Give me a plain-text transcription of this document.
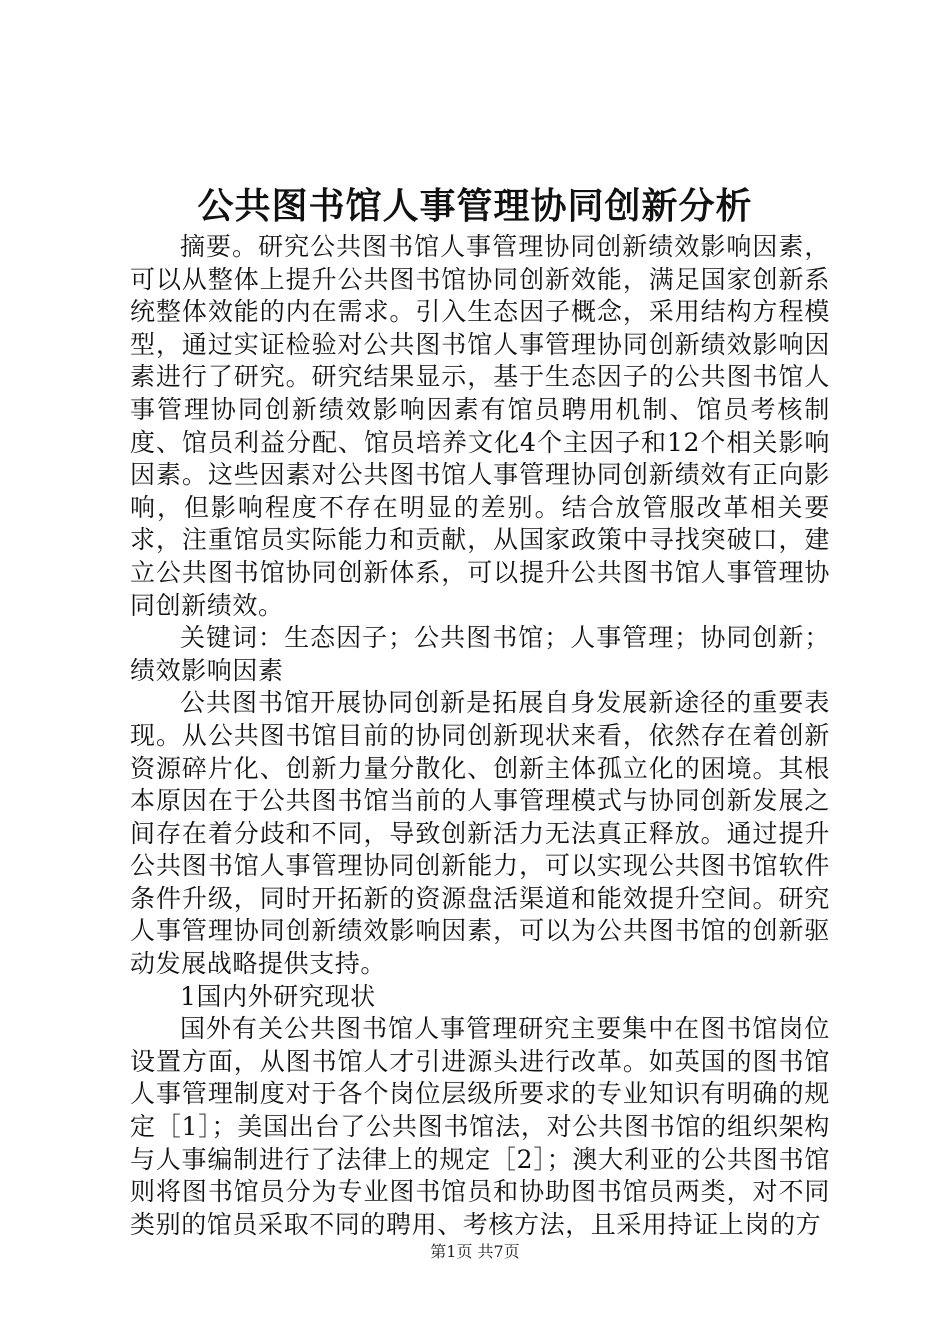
公共图书馆人事管理协同创新分析

摘要。研究公共图书馆人事管理协同创新绩效影响因素，可以从整体上提升公共图书馆协同创新效能，满足国家创新系统整体效能的内在需求。引入生态因子概念，采用结构方程模型，通过实证检验对公共图书馆人事管理协同创新绩效影响因素进行了研究。研究结果显示，基于生态因子的公共图书馆人事管理协同创新绩效影响因素有馆员聘用机制、馆员考核制度、馆员利益分配、馆员培养文化4个主因子和12个相关影响因素。这些因素对公共图书馆人事管理协同创新绩效有正向影响，但影响程度不存在明显的差别。结合放管服改革相关要求，注重馆员实际能力和贡献，从国家政策中寻找突破口，建立公共图书馆协同创新体系，可以提升公共图书馆人事管理协同创新绩效。

关键词：生态因子；公共图书馆；人事管理；协同创新；绩效影响因素

公共图书馆开展协同创新是拓展自身发展新途径的重要表现。从公共图书馆目前的协同创新现状来看，依然存在着创新资源碎片化、创新力量分散化、创新主体孤立化的困境。其根本原因在于公共图书馆当前的人事管理模式与协同创新发展之间存在着分歧和不同，导致创新活力无法真正释放。通过提升公共图书馆人事管理协同创新能力，可以实现公共图书馆软件条件升级，同时开拓新的资源盘活渠道和能效提升空间。研究人事管理协同创新绩效影响因素，可以为公共图书馆的创新驱动发展战略提供支持。

1国内外研究现状

国外有关公共图书馆人事管理研究主要集中在图书馆岗位设置方面，从图书馆人才引进源头进行改革。如英国的图书馆人事管理制度对于各个岗位层级所要求的专业知识有明确的规定［1］；美国出台了公共图书馆法，对公共图书馆的组织架构与人事编制进行了法律上的规定［2］；澳大利亚的公共图书馆则将图书馆员分为专业图书馆员和协助图书馆员两类，对不同类别的馆员采取不同的聘用、考核方法，且采用持证上岗的方

第1页 共7页
